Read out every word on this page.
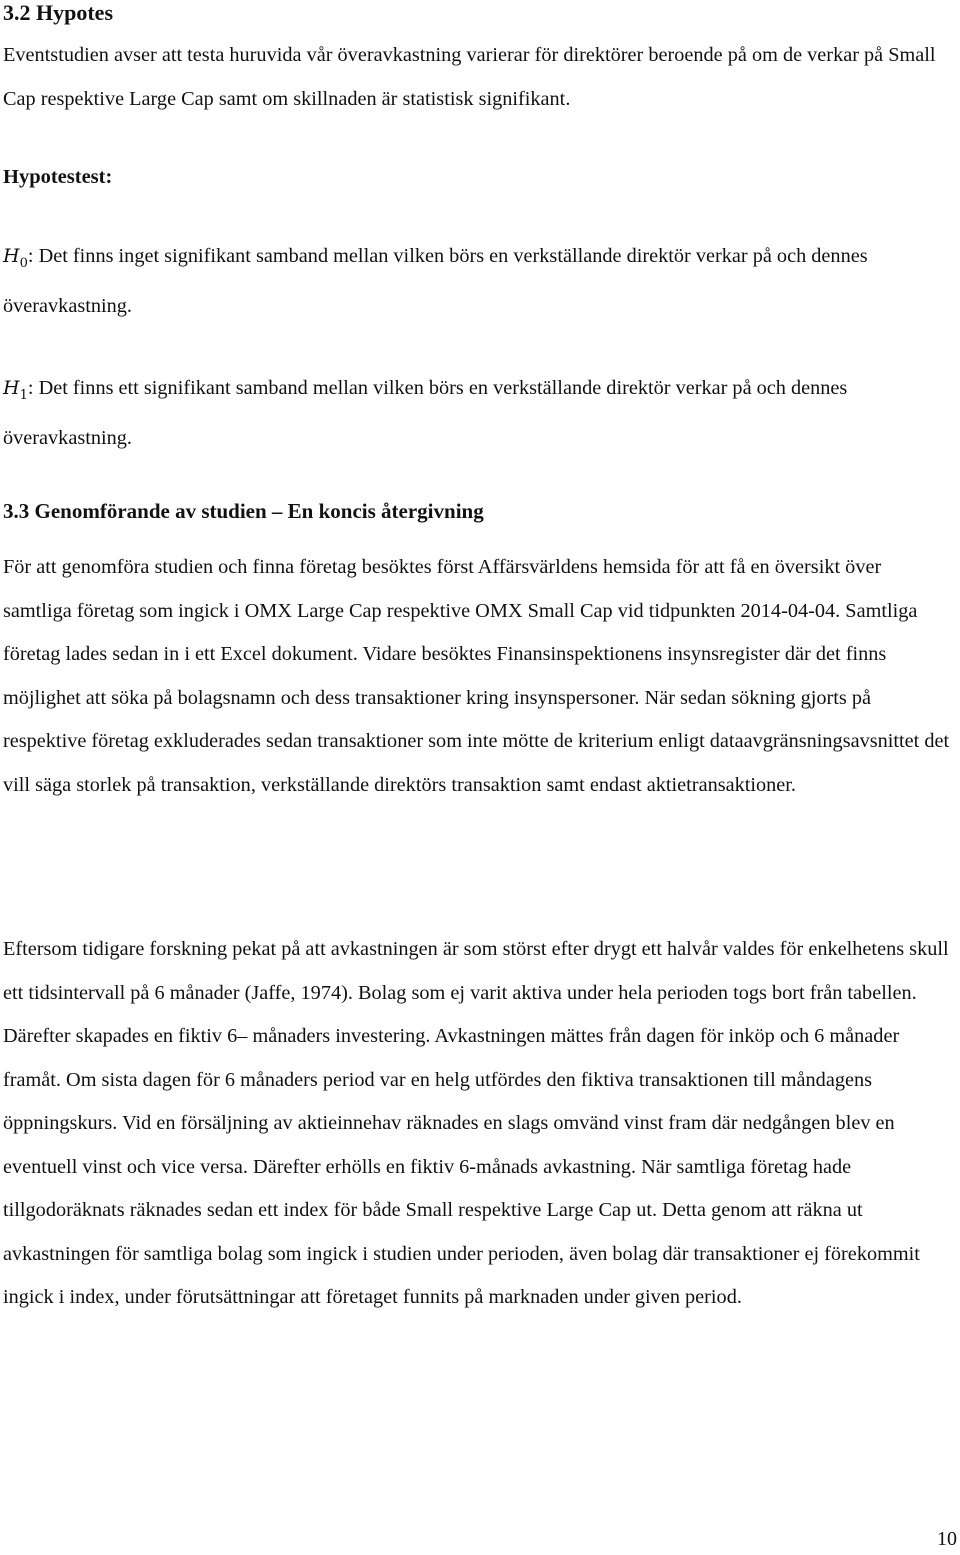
3.2 Hypotes

Eventstudien avser att testa huruvida vår överavkastning varierar för direktörer beroende på om de verkar på Small Cap respektive Large Cap samt om skillnaden är statistisk signifikant.

Hypotestest:

$H_0$: Det finns inget signifikant samband mellan vilken börs en verkställande direktör verkar på och dennes överavkastning.

$H_1$: Det finns ett signifikant samband mellan vilken börs en verkställande direktör verkar på och dennes överavkastning.

3.3 Genomförande av studien – En koncis återgivning

För att genomföra studien och finna företag besöktes först Affärsvärldens hemsida för att få en översikt över samtliga företag som ingick i OMX Large Cap respektive OMX Small Cap vid tidpunkten 2014-04-04. Samtliga företag lades sedan in i ett Excel dokument. Vidare besöktes Finansinspektionens insynsregister där det finns möjlighet att söka på bolagsnamn och dess transaktioner kring insynspersoner. När sedan sökning gjorts på respektive företag exkluderades sedan transaktioner som inte mötte de kriterium enligt dataavgränsningsavsnittet det vill säga storlek på transaktion, verkställande direktörs transaktion samt endast aktietransaktioner.

Eftersom tidigare forskning pekat på att avkastningen är som störst efter drygt ett halvår valdes för enkelhetens skull ett tidsintervall på 6 månader (Jaffe, 1974). Bolag som ej varit aktiva under hela perioden togs bort från tabellen. Därefter skapades en fiktiv 6– månaders investering. Avkastningen mättes från dagen för inköp och 6 månader framåt. Om sista dagen för 6 månaders period var en helg utfördes den fiktiva transaktionen till måndagens öppningskurs. Vid en försäljning av aktieinnehav räknades en slags omvänd vinst fram där nedgången blev en eventuell vinst och vice versa. Därefter erhölls en fiktiv 6-månads avkastning. När samtliga företag hade tillgodoräknats räknades sedan ett index för både Small respektive Large Cap ut. Detta genom att räkna ut avkastningen för samtliga bolag som ingick i studien under perioden, även bolag där transaktioner ej förekommit ingick i index, under förutsättningar att företaget funnits på marknaden under given period.

10
